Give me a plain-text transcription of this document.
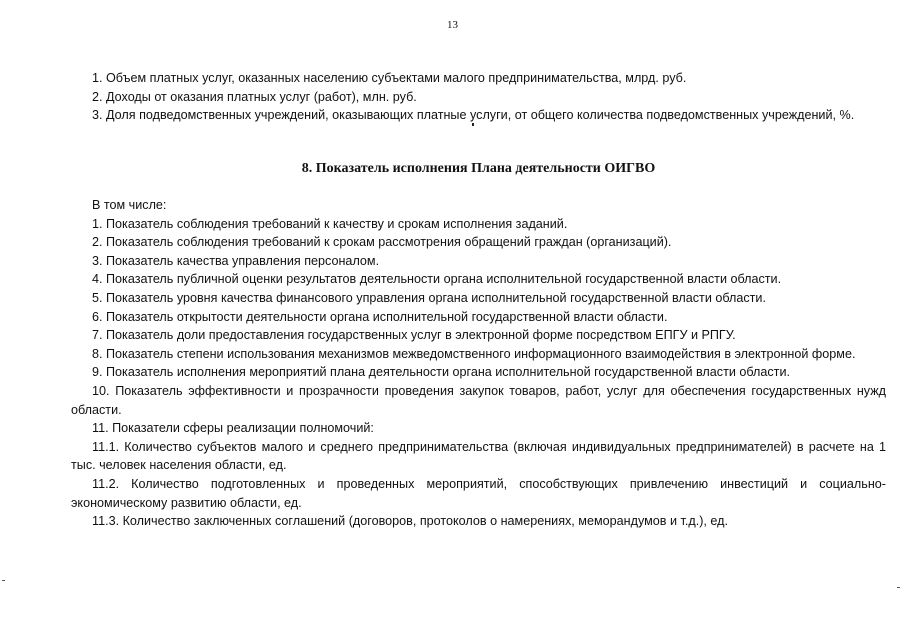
13

1. Объем платных услуг, оказанных населению субъектами малого предпринимательства, млрд. руб.

2. Доходы от оказания платных услуг (работ), млн. руб.

3. Доля подведомственных учреждений, оказывающих платные услуги, от общего количества подведомственных учреждений, %.

8. Показатель исполнения Плана деятельности ОИГВО

В том числе:

1. Показатель соблюдения требований к качеству и срокам исполнения заданий.

2. Показатель соблюдения требований к срокам рассмотрения обращений граждан (организаций).

3. Показатель качества управления персоналом.

4. Показатель публичной оценки результатов деятельности органа исполнительной государственной власти области.

5. Показатель уровня качества финансового управления органа исполнительной государственной власти области.

6. Показатель открытости деятельности органа исполнительной государственной власти области.

7. Показатель доли предоставления государственных услуг в электронной форме посредством ЕПГУ и РПГУ.

8. Показатель степени использования механизмов межведомственного информационного взаимодействия в электронной форме.

9. Показатель исполнения мероприятий плана деятельности органа исполнительной государственной власти области.

10. Показатель эффективности и прозрачности проведения закупок товаров, работ, услуг для обеспечения государственных нужд области.

11. Показатели сферы реализации полномочий:

11.1. Количество субъектов малого и среднего предпринимательства (включая индивидуальных предпринимателей) в расчете на 1 тыс. человек населения области, ед.

11.2. Количество подготовленных и проведенных мероприятий, способствующих привлечению инвестиций и социально-экономическому развитию области, ед.

11.3. Количество заключенных соглашений (договоров, протоколов о намерениях, меморандумов и т.д.), ед.
